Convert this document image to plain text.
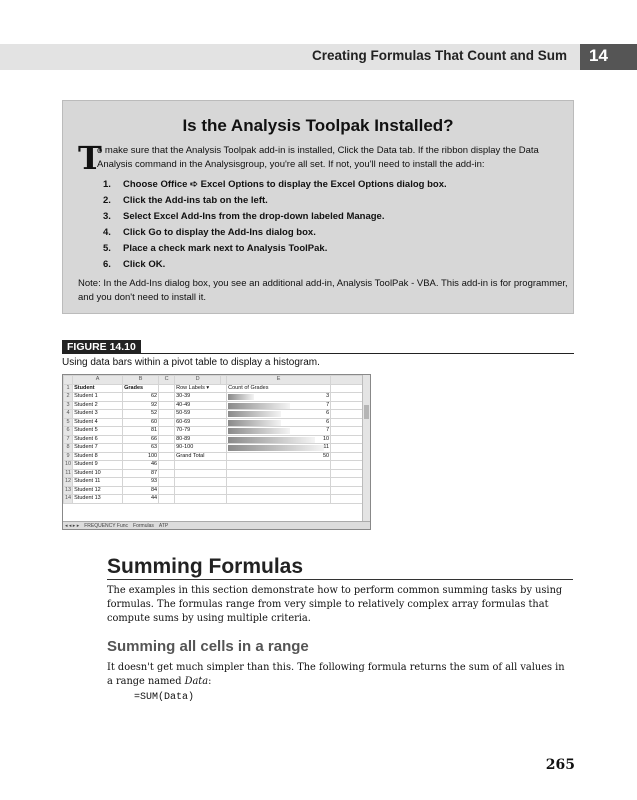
Creating Formulas That Count and Sum	14
Is the Analysis Toolpak Installed?
T
o make sure that the Analysis Toolpak add-in is installed, Click the Data tab. If the ribbon display the Data Analysis command in the Analysisgroup, you're all set. If not, you'll need to install the add-in:
1.	Choose Office ➪ Excel Options to display the Excel Options dialog box.
2.	Click the Add-ins tab on the left.
3.	Select Excel Add-Ins from the drop-down labeled Manage.
4.	Click Go to display the Add-Ins dialog box.
5.	Place a check mark next to Analysis ToolPak.
6.	Click OK.
Note: In the Add-Ins dialog box, you see an additional add-in, Analysis ToolPak - VBA. This add-in is for programmer, and you don't need to install it.
FIGURE 14.10
Using data bars within a pivot table to display a histogram.
	A	B	C	D		E	
1	Student	Grades		Row Labels ▾		Count of Grades	
2	Student 1	62		30-39		3	

3	Student 2	92		40-49		7	

4	Student 3	52		50-59		6	

5	Student 4	60		60-69		6	

6	Student 5	81		70-79		7	

7	Student 6	66		80-89		10	

8	Student 7	63		90-100		11	

9	Student 8	100		Grand Total		50	

10	Student 9	46				

11	Student 10	87				

12	Student 11	93				

13	Student 12	84				

14	Student 13	44				

◂ ◂ ▸ ▸ FREQUENCY Func Formulas ATP
Summing Formulas
The examples in this section demonstrate how to perform common summing tasks by using formulas. The formulas range from very simple to relatively complex array formulas that compute sums by using multiple criteria.
Summing all cells in a range
It doesn't get much simpler than this. The following formula returns the sum of all values in a range named Data:
=SUM(Data)
265
